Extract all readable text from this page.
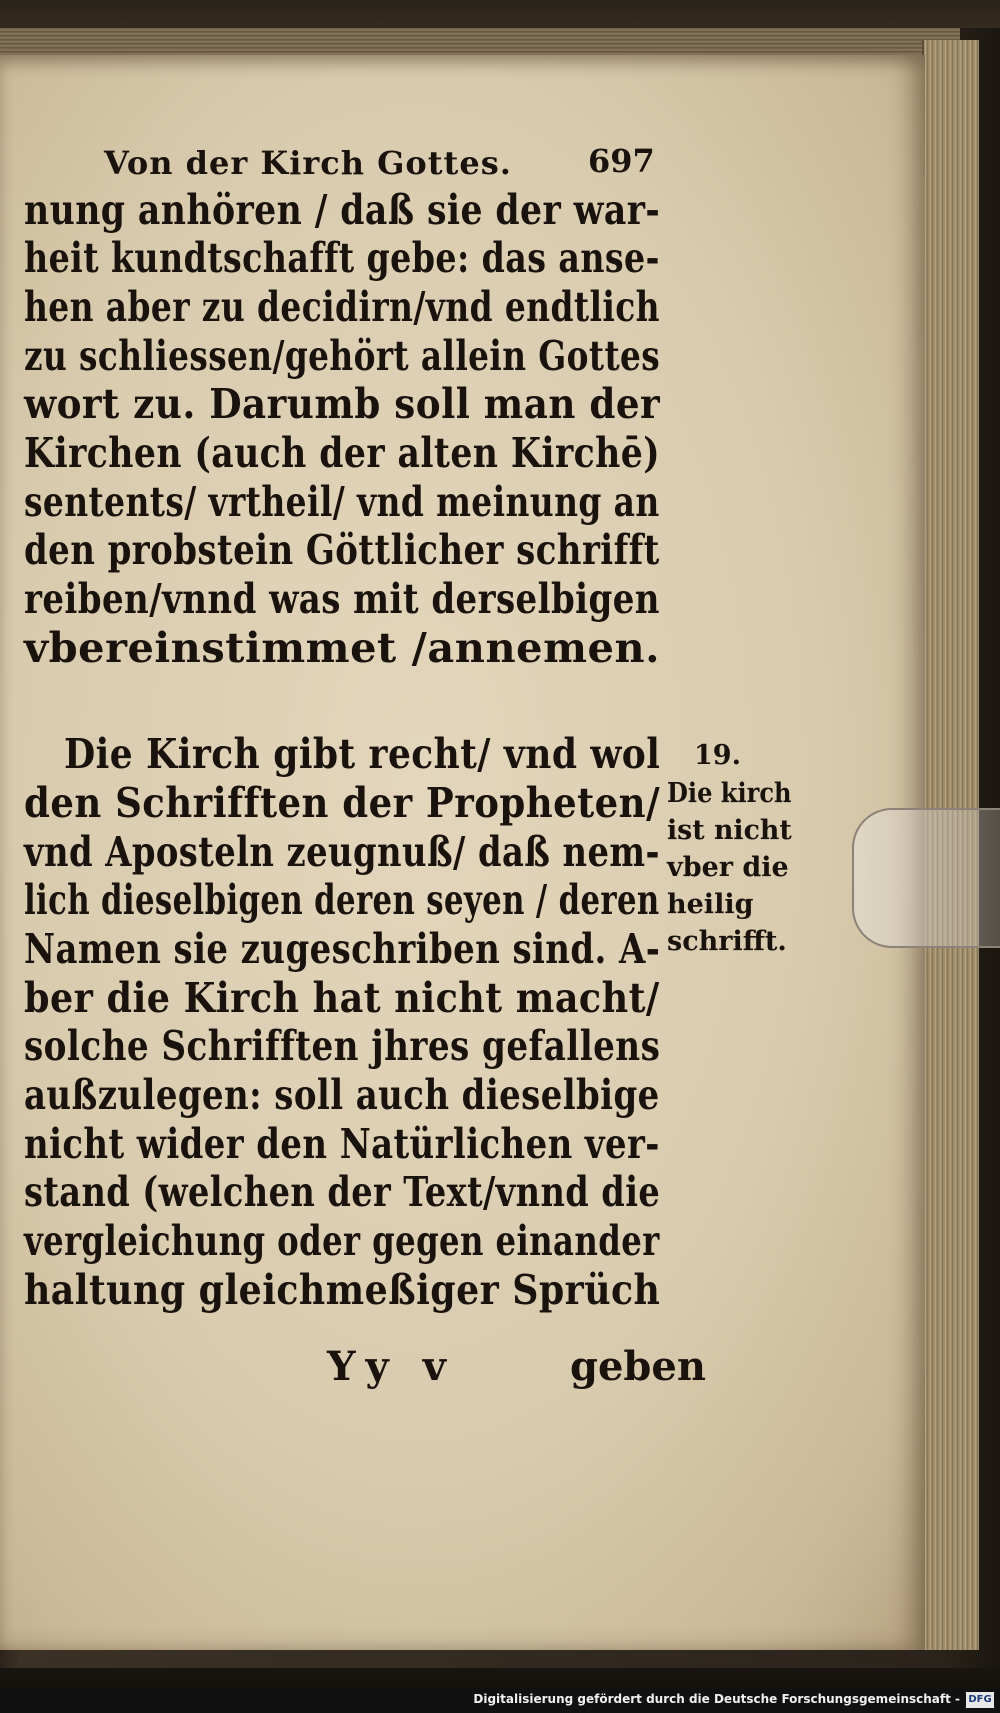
Von der Kirch Gottes. 697
nung anhören / daß sie der war-
heit kundtschafft gebe: das anse-
hen aber zu decidirn/vnd endtlich
zu schliessen/gehört allein Gottes
wort zu. Darumb soll man der
Kirchen (auch der alten Kirchē)
sentents/ vrtheil/ vnd meinung an
den probstein Göttlicher schrifft
reiben/vnnd was mit derselbigen
vbereinstimmet /annemen.
Die Kirch gibt recht/ vnd wol
den Schrifften der Propheten/
vnd Aposteln zeugnuß/ daß nem-
lich dieselbigen deren seyen / deren
Namen sie zugeschriben sind. A-
ber die Kirch hat nicht macht/
solche Schrifften jhres gefallens
außzulegen: soll auch dieselbige
nicht wider den Natürlichen ver-
stand (welchen der Text/vnnd die
vergleichung oder gegen einander
haltung gleichmeßiger Sprüch
19.
Die kirch
ist nicht
vber die
heilig
schrifft.
Yy v	geben
Digitalisierung gefördert durch die Deutsche Forschungsgemeinschaft - DFG
